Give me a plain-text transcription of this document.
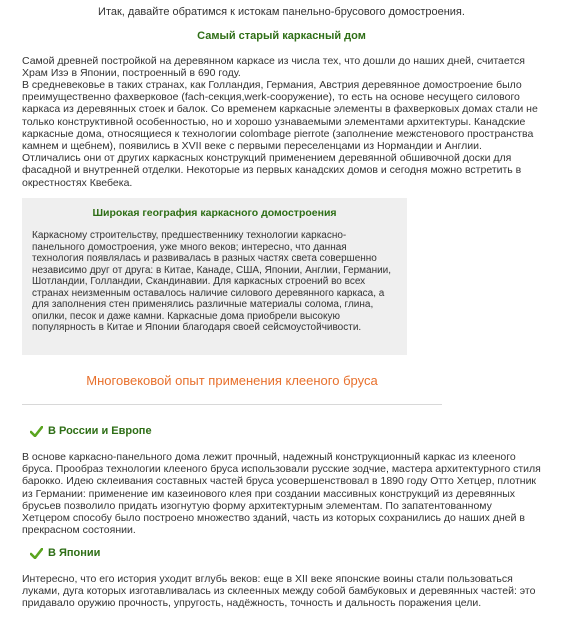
Итак, давайте обратимся к истокам панельно-брусового домостроения.
Самый старый каркасный дом

Самой древней постройкой на деревянном каркасе из числа тех, что дошли до наших дней, считается Храм Изэ в Японии, построенный в 690 году.

В средневековье в таких странах, как Голландия, Германия, Австрия деревянное домостроение было преимущественно фахверковое (fach-секция,werk-сооружение), то есть на основе несущего силового каркаса из деревянных стоек и балок. Со временем каркасные элементы в фахверковых домах стали не только конструктивной особенностью, но и хорошо узнаваемыми элементами архитектуры. Канадские каркасные дома, относящиеся к технологии colombage pierrote (заполнение межстенового пространства камнем и щебнем), появились в XVII веке с первыми переселенцами из Нормандии и Англии. Отличались они от других каркасных конструкций применением деревянной обшивочной доски для фасадной и внутренней отделки. Некоторые из первых канадских домов и сегодня можно встретить в окрестностях Квебека.

Широкая география каркасного домостроения

Каркасному строительству, предшественнику технологии каркасно-панельного домостроения, уже много веков; интересно, что данная технология появлялась и развивалась в разных частях света совершенно независимо друг от друга: в Китае, Канаде, США, Японии, Англии, Германии, Шотландии, Голландии, Скандинавии. Для каркасных строений во всех странах неизменным оставалось наличие силового деревянного каркаса, а для заполнения стен применялись различные материалы солома, глина, опилки, песок и даже камни. Каркасные дома приобрели высокую популярность в Китае и Японии благодаря своей сейсмоустойчивости.

Многовековой опыт применения клееного бруса
В России и Европе

В основе каркасно-панельного дома лежит прочный, надежный конструкционный каркас из клееного бруса. Прообраз технологии клееного бруса использовали русские зодчие, мастера архитектурного стиля барокко. Идею склеивания составных частей бруса усовершенствовал в 1890 году Отто Хетцер, плотник из Германии: применение им казеинового клея при создании массивных конструкций из деревянных брусьев позволило придать изогнутую форму архитектурным элементам. По запатентованному Хетцером способу было построено множество зданий, часть из которых сохранились до наших дней в прекрасном состоянии.

В Японии

Интересно, что его история уходит вглубь веков: еще в XII веке японские воины стали пользоваться луками, дуга которых изготавливалась из склеенных между собой бамбуковых и деревянных частей: это придавало оружию прочность, упругость, надёжность, точность и дальность поражения цели.
